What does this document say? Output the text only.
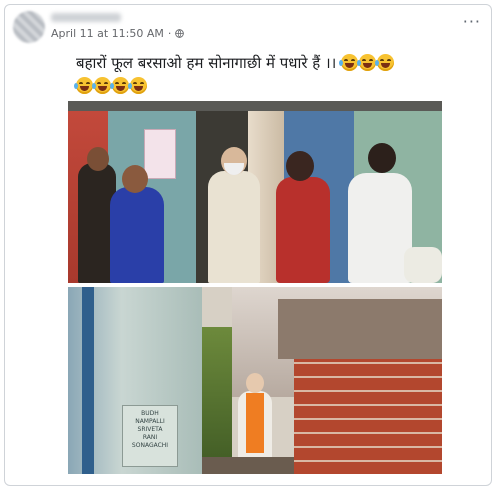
April 11 at 11:50 AM ·
···
बहारों फूल बरसाओ हम सोनागाछी में पधारे हैं ।।

BUDH
NAMPALLI
SRIVETA
RANI
SONAGACHI
